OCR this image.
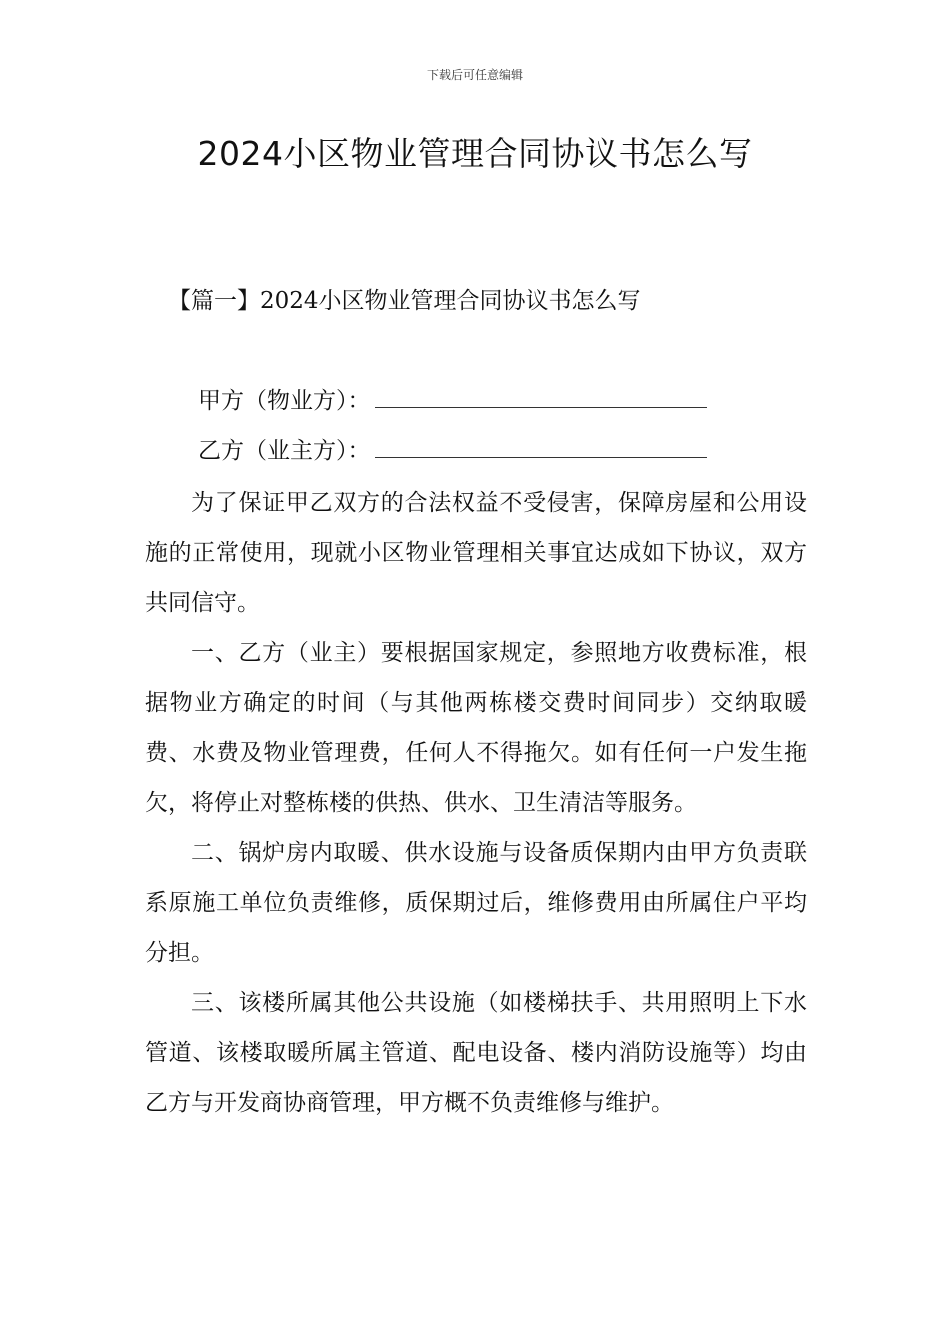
下载后可任意编辑
2024小区物业管理合同协议书怎么写
【篇一】2024小区物业管理合同协议书怎么写
甲方（物业方）：
乙方（业主方）：

为了保证甲乙双方的合法权益不受侵害，保障房屋和公用设施的正常使用，现就小区物业管理相关事宜达成如下协议，双方共同信守。

一、乙方（业主）要根据国家规定，参照地方收费标准，根据物业方确定的时间（与其他两栋楼交费时间同步）交纳取暖费、水费及物业管理费，任何人不得拖欠。如有任何一户发生拖欠，将停止对整栋楼的供热、供水、卫生清洁等服务。

二、锅炉房内取暖、供水设施与设备质保期内由甲方负责联系原施工单位负责维修，质保期过后，维修费用由所属住户平均分担。

三、该楼所属其他公共设施（如楼梯扶手、共用照明上下水管道、该楼取暖所属主管道、配电设备、楼内消防设施等）均由乙方与开发商协商管理，甲方概不负责维修与维护。
